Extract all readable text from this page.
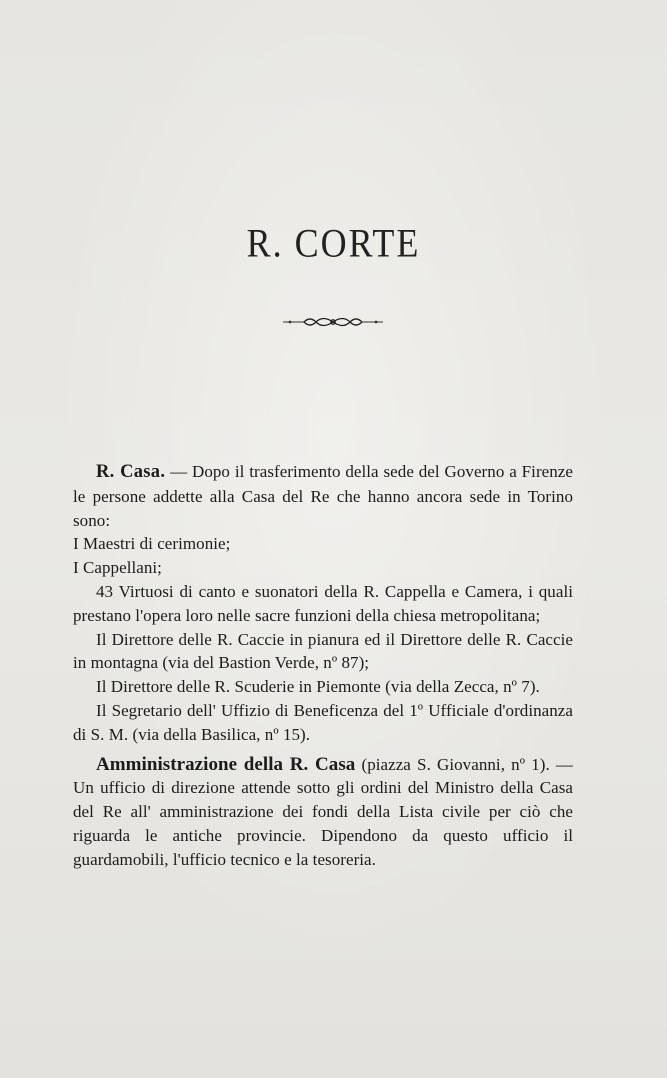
R. CORTE

R. Casa. — Dopo il trasferimento della sede del Governo a Firenze le persone addette alla Casa del Re che hanno ancora sede in Torino sono:

I Maestri di cerimonie;

I Cappellani;

43 Virtuosi di canto e suonatori della R. Cappella e Camera, i quali prestano l'opera loro nelle sacre funzioni della chiesa metropolitana;

Il Direttore delle R. Caccie in pianura ed il Direttore delle R. Caccie in montagna (via del Bastion Verde, nº 87);

Il Direttore delle R. Scuderie in Piemonte (via della Zecca, nº 7).

Il Segretario dell' Uffizio di Beneficenza del 1º Ufficiale d'ordinanza di S. M. (via della Basilica, nº 15).

Amministrazione della R. Casa (piazza S. Giovanni, nº 1). — Un ufficio di direzione attende sotto gli ordini del Ministro della Casa del Re all' amministrazione dei fondi della Lista civile per ciò che riguarda le antiche provincie. Dipendono da questo ufficio il guardamobili, l'ufficio tecnico e la tesoreria.
